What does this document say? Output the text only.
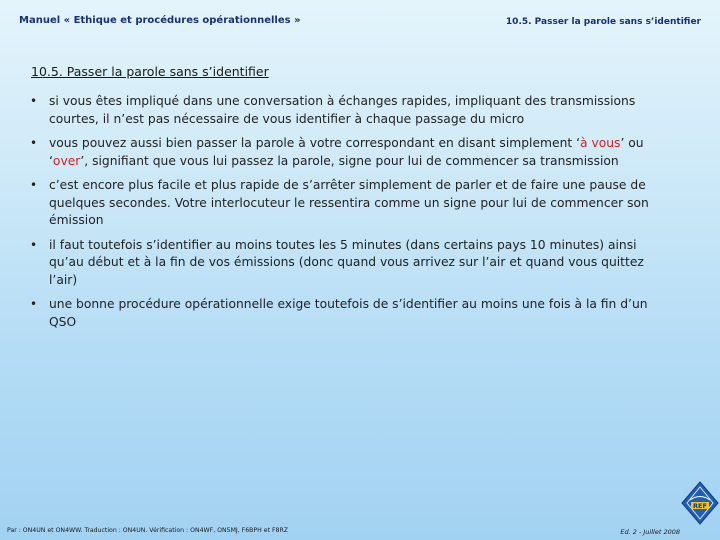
Manuel « Ethique et procédures opérationnelles »	10.5. Passer la parole sans s’identifier
10.5. Passer la parole sans s’identifier
• si vous êtes impliqué dans une conversation à échanges rapides, impliquant des transmissions courtes, il n’est pas nécessaire de vous identifier à chaque passage du micro
• vous pouvez aussi bien passer la parole à votre correspondant en disant simplement ‘à vous’ ou ‘over’, signifiant que vous lui passez la parole, signe pour lui de commencer sa transmission
• c’est encore plus facile et plus rapide de s’arrêter simplement de parler et de faire une pause de quelques secondes. Votre interlocuteur le ressentira comme un signe pour lui de commencer son émission
• il faut toutefois s’identifier au moins toutes les 5 minutes (dans certains pays 10 minutes) ainsi qu’au début et à la fin de vos émissions (donc quand vous arrivez sur l’air et quand vous quittez l’air)
• une bonne procédure opérationnelle exige toutefois de s’identifier au moins une fois à la fin d’un QSO
Par : ON4UN et ON4WW. Traduction : ON4UN. Vérification : ON4WF, ON5MJ, F6BPH et F8RZ	Ed. 2 - Juillet 2008
REF
